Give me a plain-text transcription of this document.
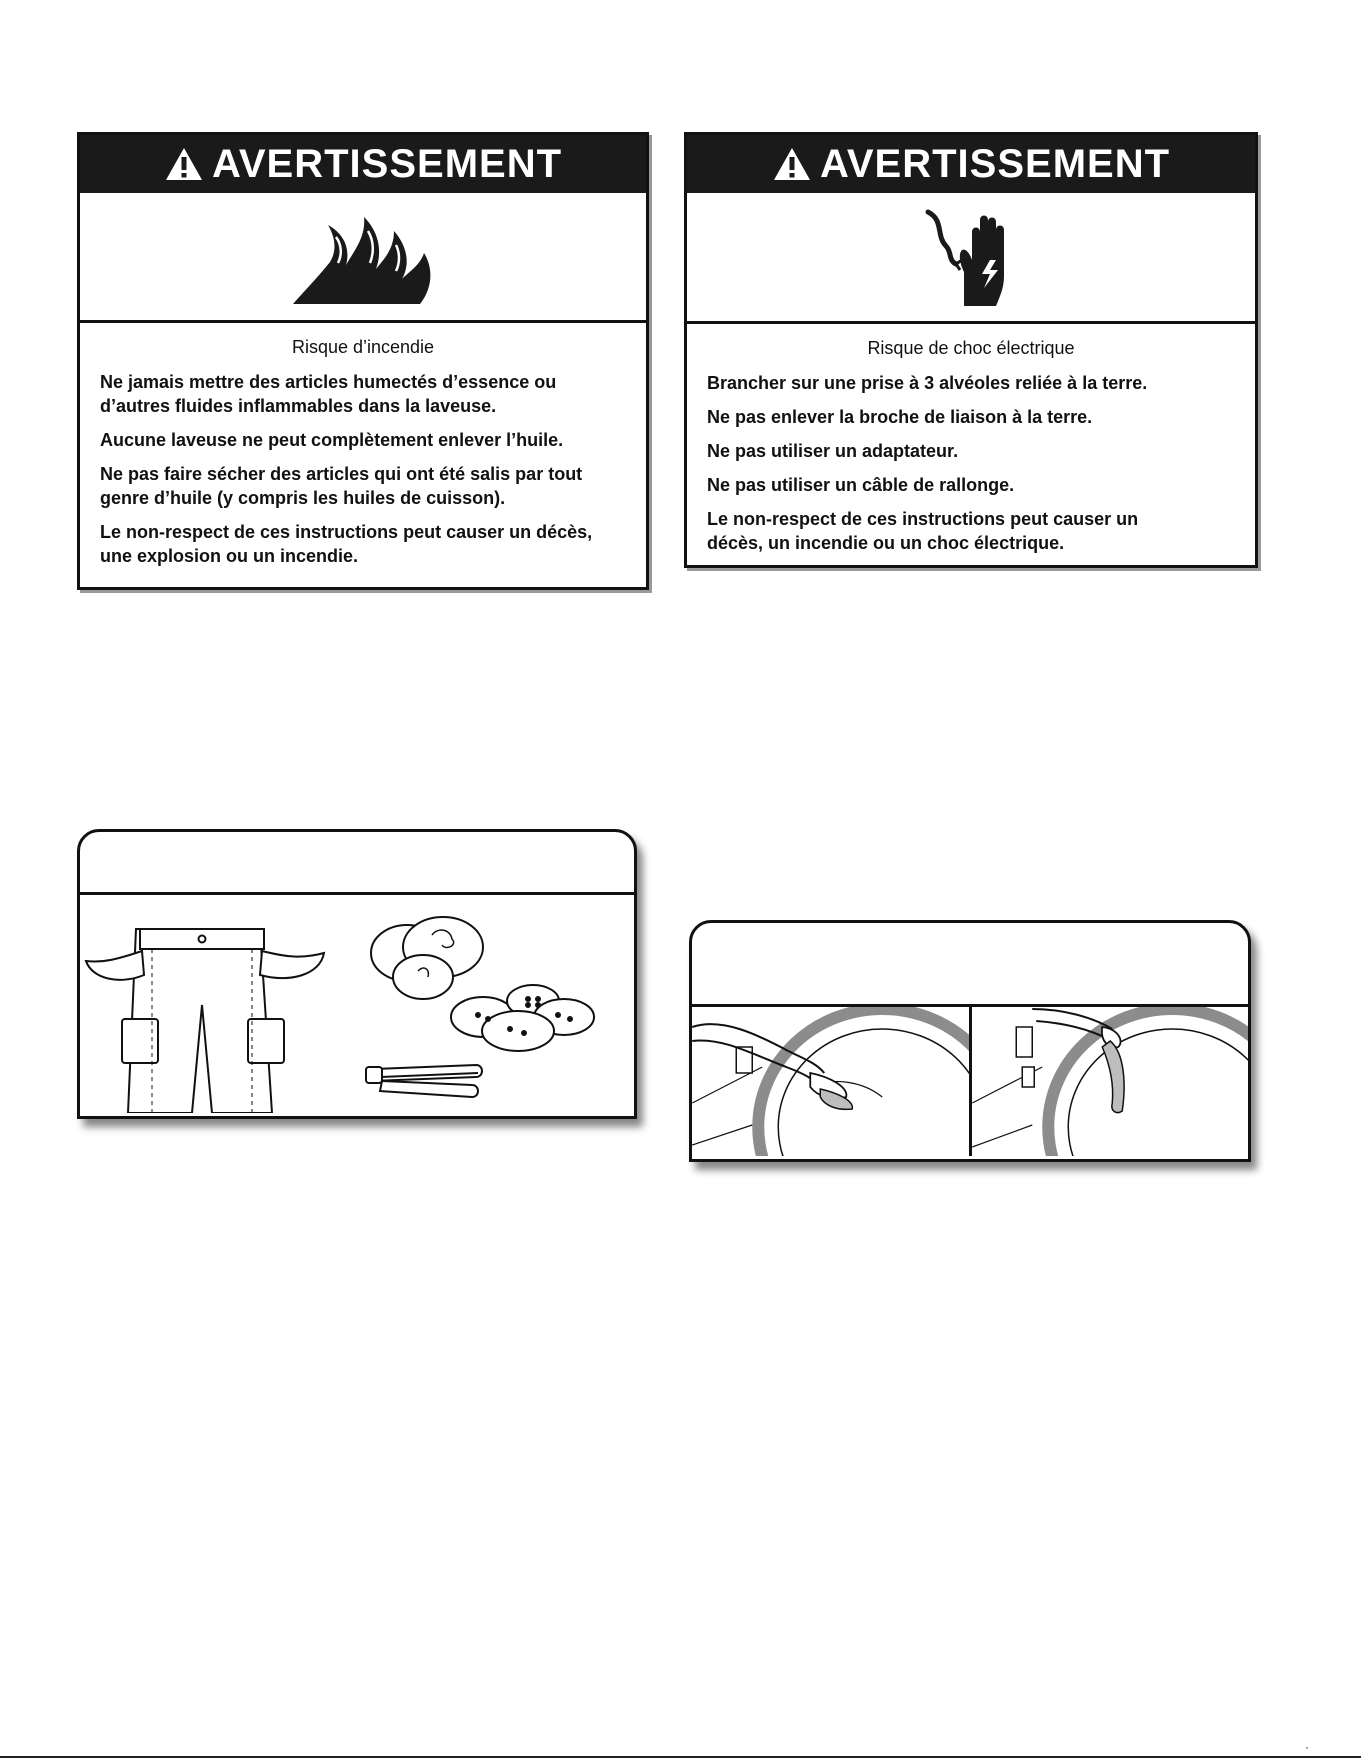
AVERTISSEMENT

Risque d’incendie

Ne jamais mettre des articles humectés d’essence ou d’autres fluides inflammables dans la laveuse.

Aucune laveuse ne peut complètement enlever l’huile.

Ne pas faire sécher des articles qui ont été salis par tout genre d’huile (y compris les huiles de cuisson).

Le non-respect de ces instructions peut causer un décès, une explosion ou un incendie.

AVERTISSEMENT

Risque de choc électrique

Brancher sur une prise à 3 alvéoles reliée à la terre.

Ne pas enlever la broche de liaison à la terre.

Ne pas utiliser un adaptateur.

Ne pas utiliser un câble de rallonge.

Le non-respect de ces instructions peut causer un décès, un incendie ou un choc électrique.

·
